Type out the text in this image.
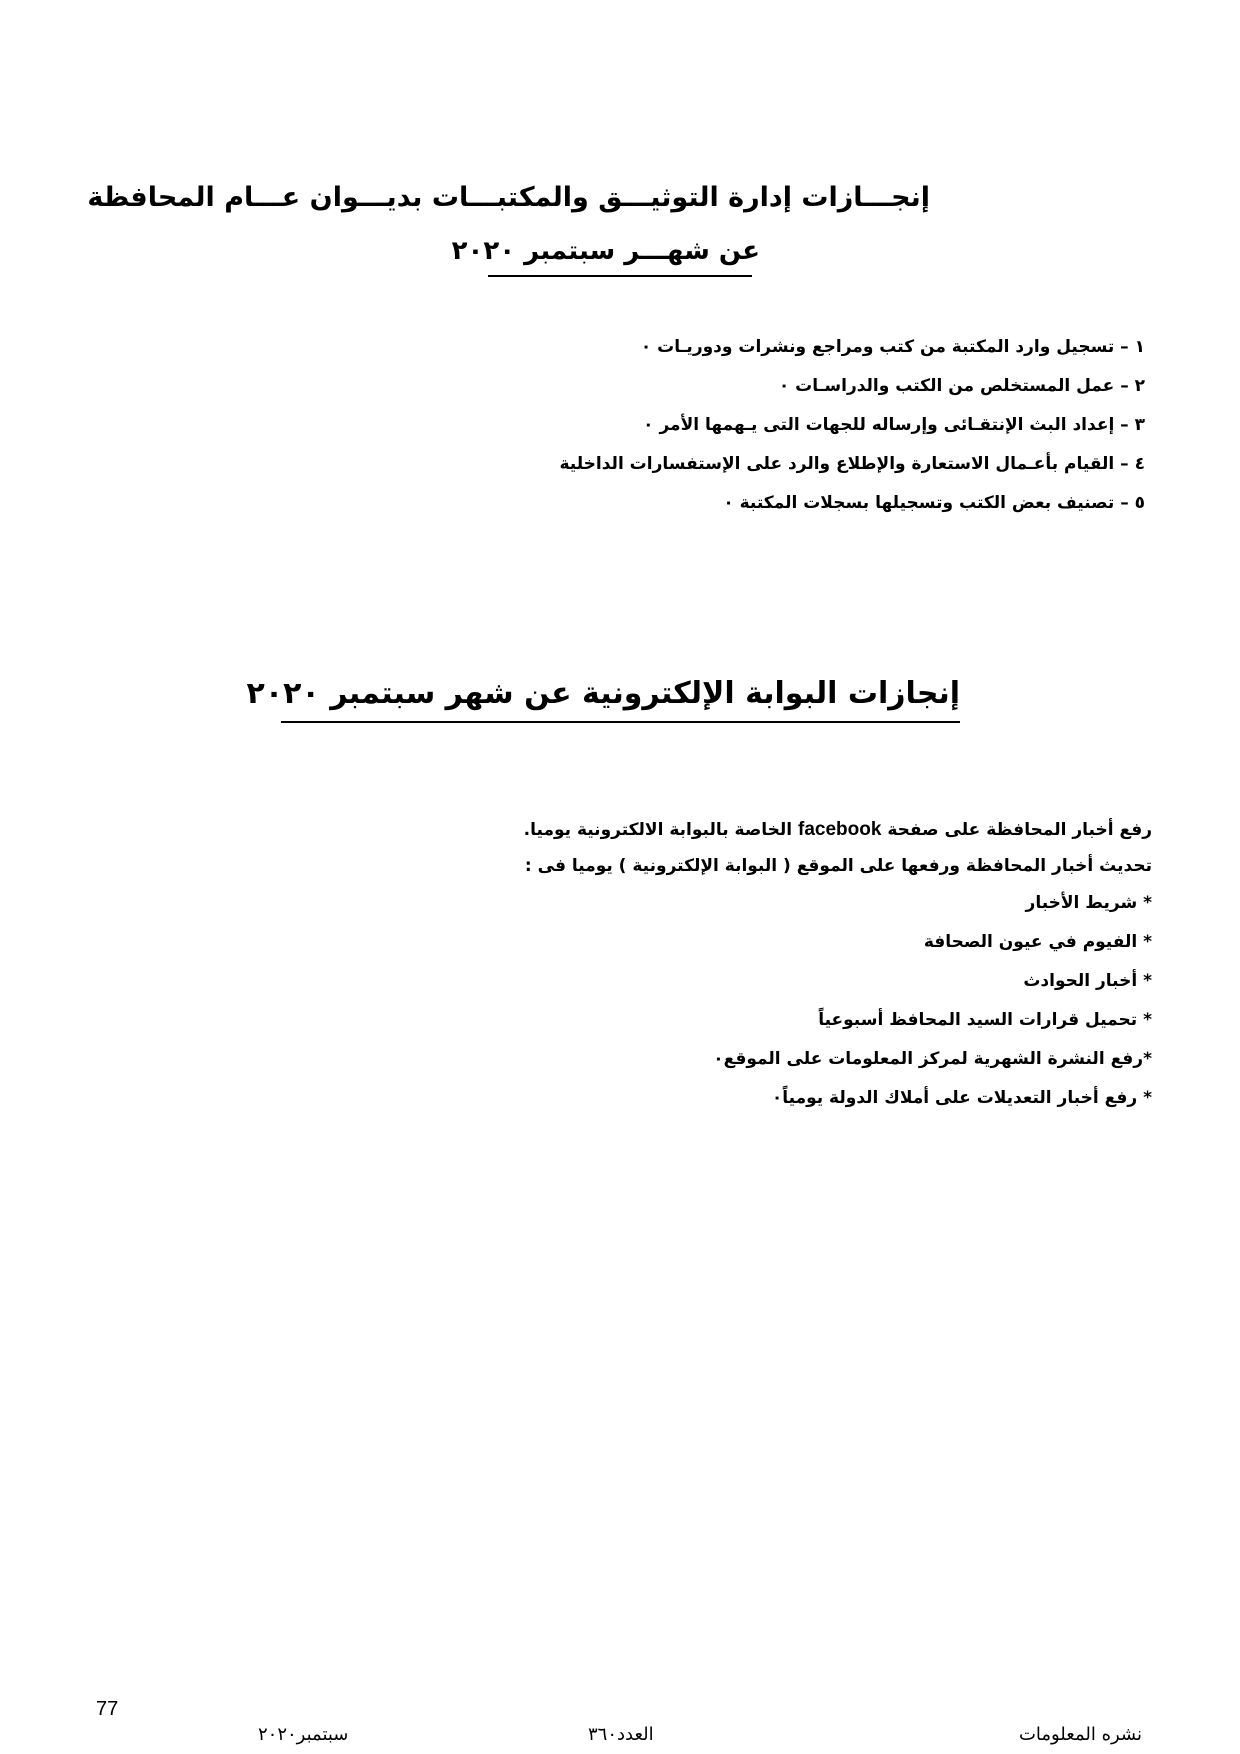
إنجـــازات إدارة التوثيـــق والمكتبـــات بديـــوان عـــام المحافظة
عن شهـــر سبتمبر ٢٠٢٠
١ – تسجيل وارد المكتبة من كتب ومراجع ونشرات ودوريـات ٠
٢ – عمل المستخلص من الكتب والدراسـات ٠
٣ – إعداد البث الإنتقـائى وإرساله للجهات التى يـهمها الأمر ٠
٤ – القيام بأعـمال الاستعارة والإطلاع والرد على الإستفسارات الداخلية
٥ – تصنيف بعض الكتب وتسجيلها بسجلات المكتبة ٠
إنجازات البوابة الإلكترونية عن شهر سبتمبر ٢٠٢٠
رفع أخبار المحافظة على صفحة facebook الخاصة بالبوابة الالكترونية يوميا.
تحديث أخبار المحافظة ورفعها على الموقع ( البوابة الإلكترونية ) يوميا فى :
* شريط الأخبار
* الفيوم في عيون الصحافة
* أخبار الحوادث
* تحميل قرارات السيد المحافظ أسبوعياً
*رفع النشرة الشهرية لمركز المعلومات على الموقع٠
* رفع أخبار التعديلات على أملاك الدولة يومياً٠
77
نشره المعلومات
العدد٣٦٠
سبتمبر٢٠٢٠
